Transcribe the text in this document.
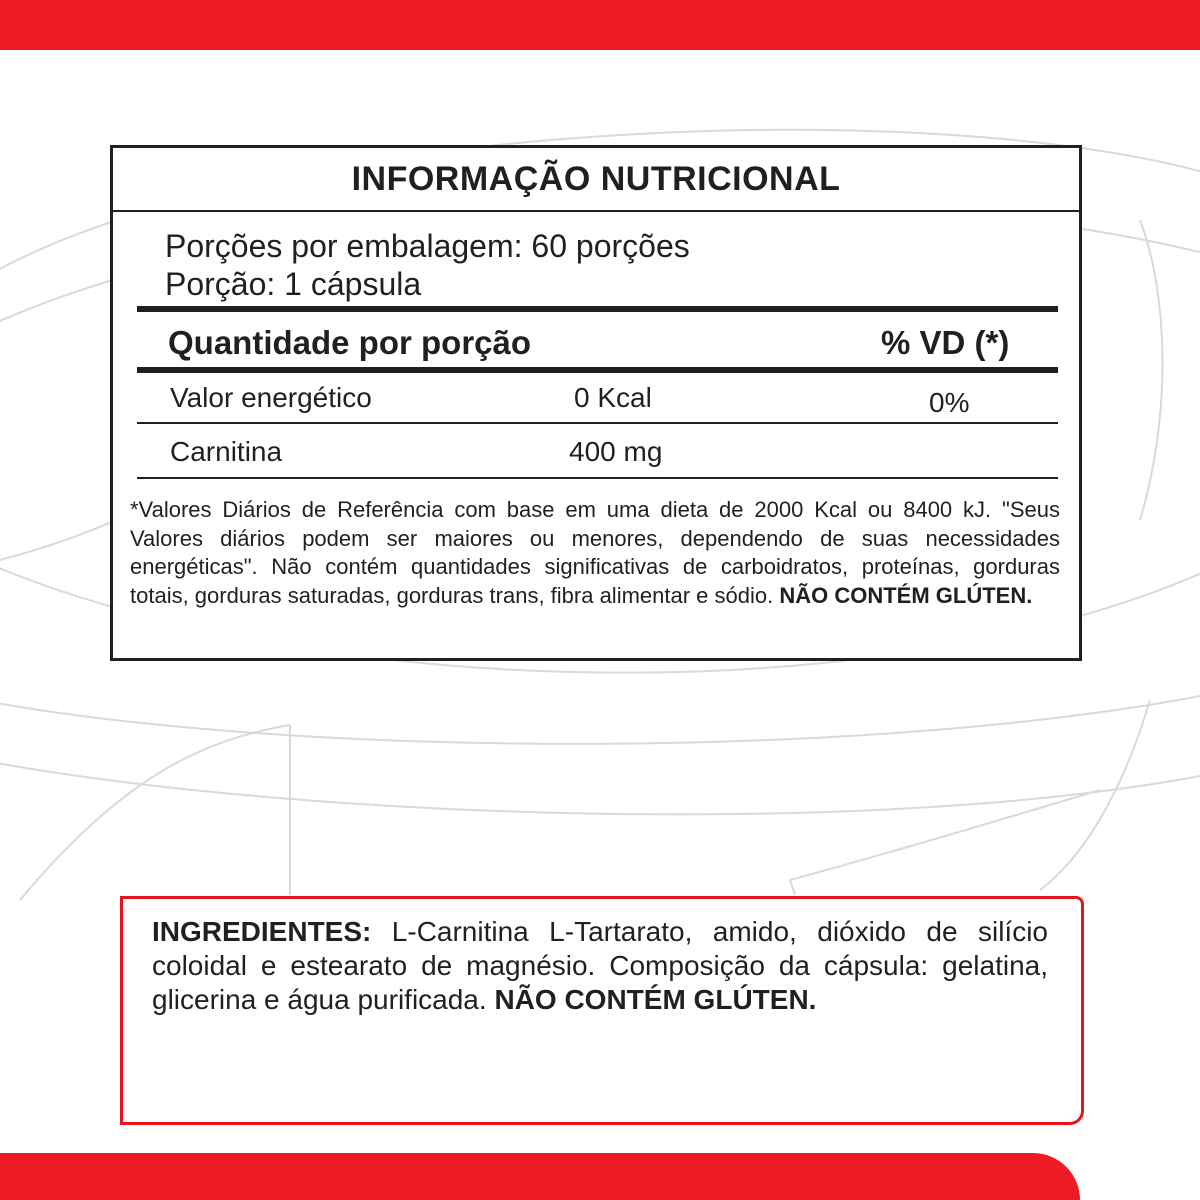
INFORMAÇÃO NUTRICIONAL
Porções por embalagem: 60 porções
Porção: 1 cápsula
Quantidade por porção	% VD (*)
Valor energético	0 Kcal	0%
Carnitina	400 mg
*Valores Diários de Referência com base em uma dieta de 2000 Kcal ou 8400 kJ. "Seus Valores diários podem ser maiores ou menores, dependendo de suas necessidades energéticas". Não contém quantidades significativas de carboidratos, proteínas, gorduras totais, gorduras saturadas, gorduras trans, fibra alimentar e sódio. NÃO CONTÉM GLÚTEN.
INGREDIENTES: L-Carnitina L-Tartarato, amido, dióxido de silício coloidal e estearato de magnésio. Composição da cápsula: gelatina, glicerina e água purificada. NÃO CONTÉM GLÚTEN.
